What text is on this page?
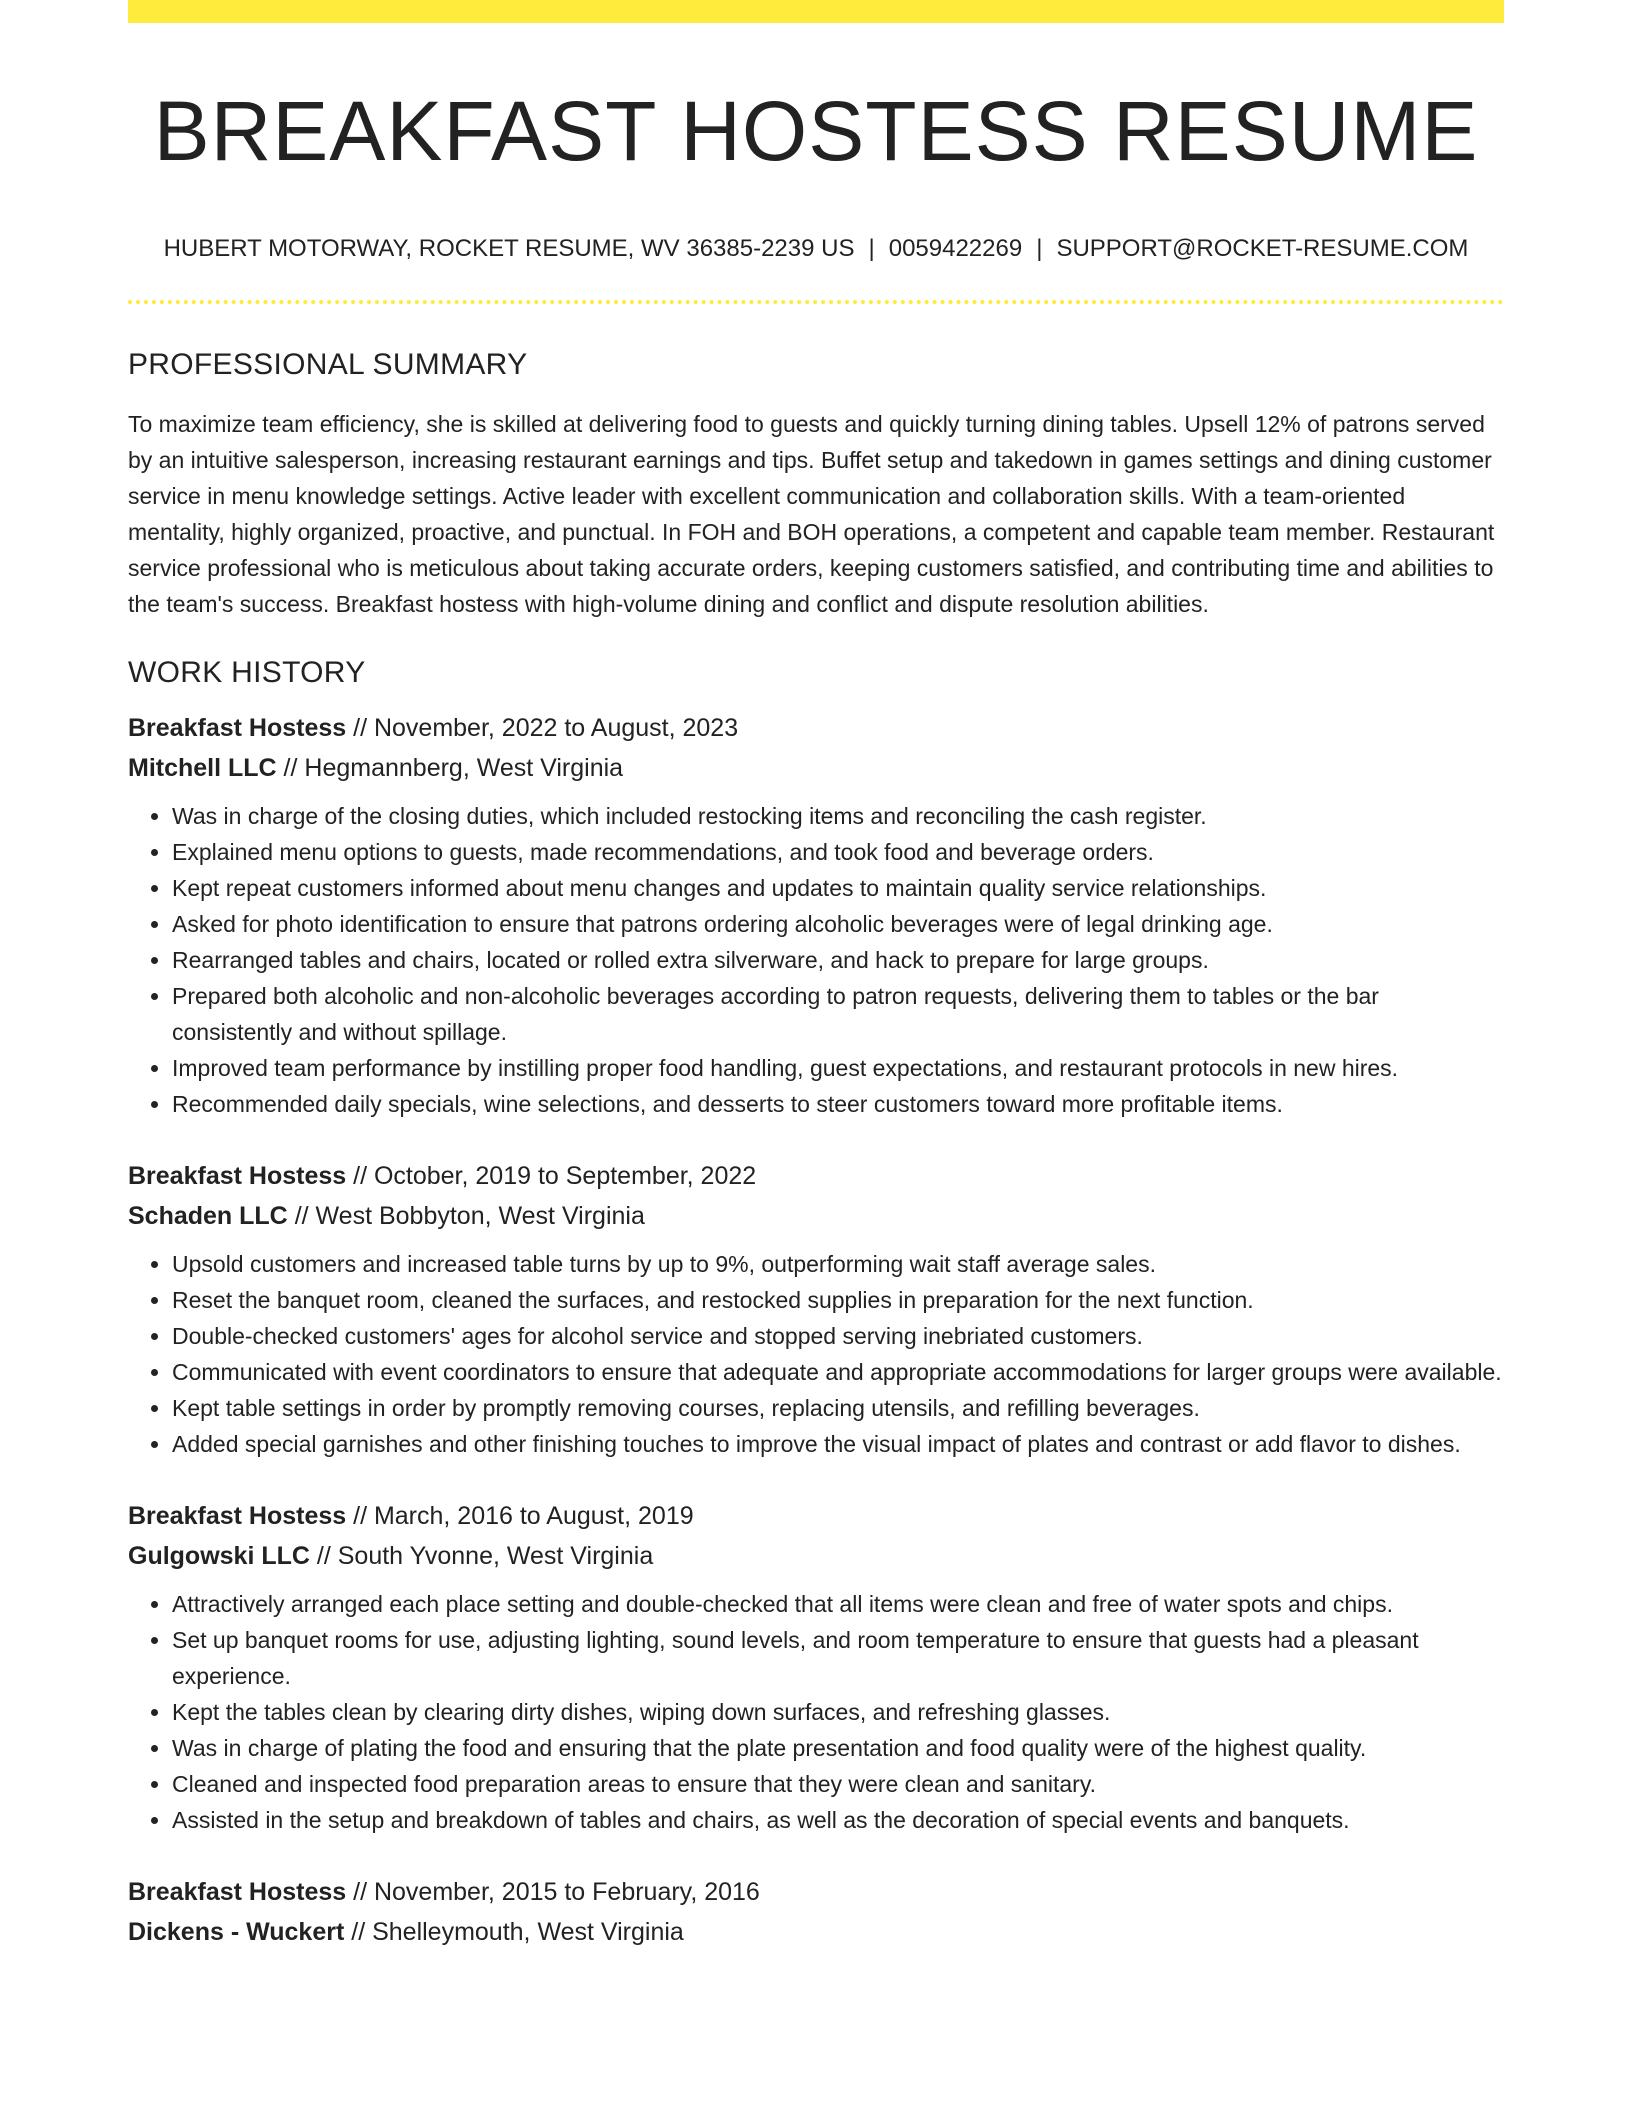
BREAKFAST HOSTESS RESUME
HUBERT MOTORWAY, ROCKET RESUME, WV 36385-2239 US | 0059422269 | SUPPORT@ROCKET-RESUME.COM
PROFESSIONAL SUMMARY

To maximize team efficiency, she is skilled at delivering food to guests and quickly turning dining tables. Upsell 12% of patrons served by an intuitive salesperson, increasing restaurant earnings and tips. Buffet setup and takedown in games settings and dining customer service in menu knowledge settings. Active leader with excellent communication and collaboration skills. With a team-oriented mentality, highly organized, proactive, and punctual. In FOH and BOH operations, a competent and capable team member. Restaurant service professional who is meticulous about taking accurate orders, keeping customers satisfied, and contributing time and abilities to the team's success. Breakfast hostess with high-volume dining and conflict and dispute resolution abilities.

WORK HISTORY
Breakfast Hostess // November, 2022 to August, 2023
Mitchell LLC // Hegmannberg, West Virginia
• Was in charge of the closing duties, which included restocking items and reconciling the cash register.
• Explained menu options to guests, made recommendations, and took food and beverage orders.
• Kept repeat customers informed about menu changes and updates to maintain quality service relationships.
• Asked for photo identification to ensure that patrons ordering alcoholic beverages were of legal drinking age.
• Rearranged tables and chairs, located or rolled extra silverware, and hack to prepare for large groups.
• Prepared both alcoholic and non-alcoholic beverages according to patron requests, delivering them to tables or the bar consistently and without spillage.
• Improved team performance by instilling proper food handling, guest expectations, and restaurant protocols in new hires.
• Recommended daily specials, wine selections, and desserts to steer customers toward more profitable items.
Breakfast Hostess // October, 2019 to September, 2022
Schaden LLC // West Bobbyton, West Virginia
• Upsold customers and increased table turns by up to 9%, outperforming wait staff average sales.
• Reset the banquet room, cleaned the surfaces, and restocked supplies in preparation for the next function.
• Double-checked customers' ages for alcohol service and stopped serving inebriated customers.
• Communicated with event coordinators to ensure that adequate and appropriate accommodations for larger groups were available.
• Kept table settings in order by promptly removing courses, replacing utensils, and refilling beverages.
• Added special garnishes and other finishing touches to improve the visual impact of plates and contrast or add flavor to dishes.
Breakfast Hostess // March, 2016 to August, 2019
Gulgowski LLC // South Yvonne, West Virginia
• Attractively arranged each place setting and double-checked that all items were clean and free of water spots and chips.
• Set up banquet rooms for use, adjusting lighting, sound levels, and room temperature to ensure that guests had a pleasant experience.
• Kept the tables clean by clearing dirty dishes, wiping down surfaces, and refreshing glasses.
• Was in charge of plating the food and ensuring that the plate presentation and food quality were of the highest quality.
• Cleaned and inspected food preparation areas to ensure that they were clean and sanitary.
• Assisted in the setup and breakdown of tables and chairs, as well as the decoration of special events and banquets.
Breakfast Hostess // November, 2015 to February, 2016
Dickens - Wuckert // Shelleymouth, West Virginia
